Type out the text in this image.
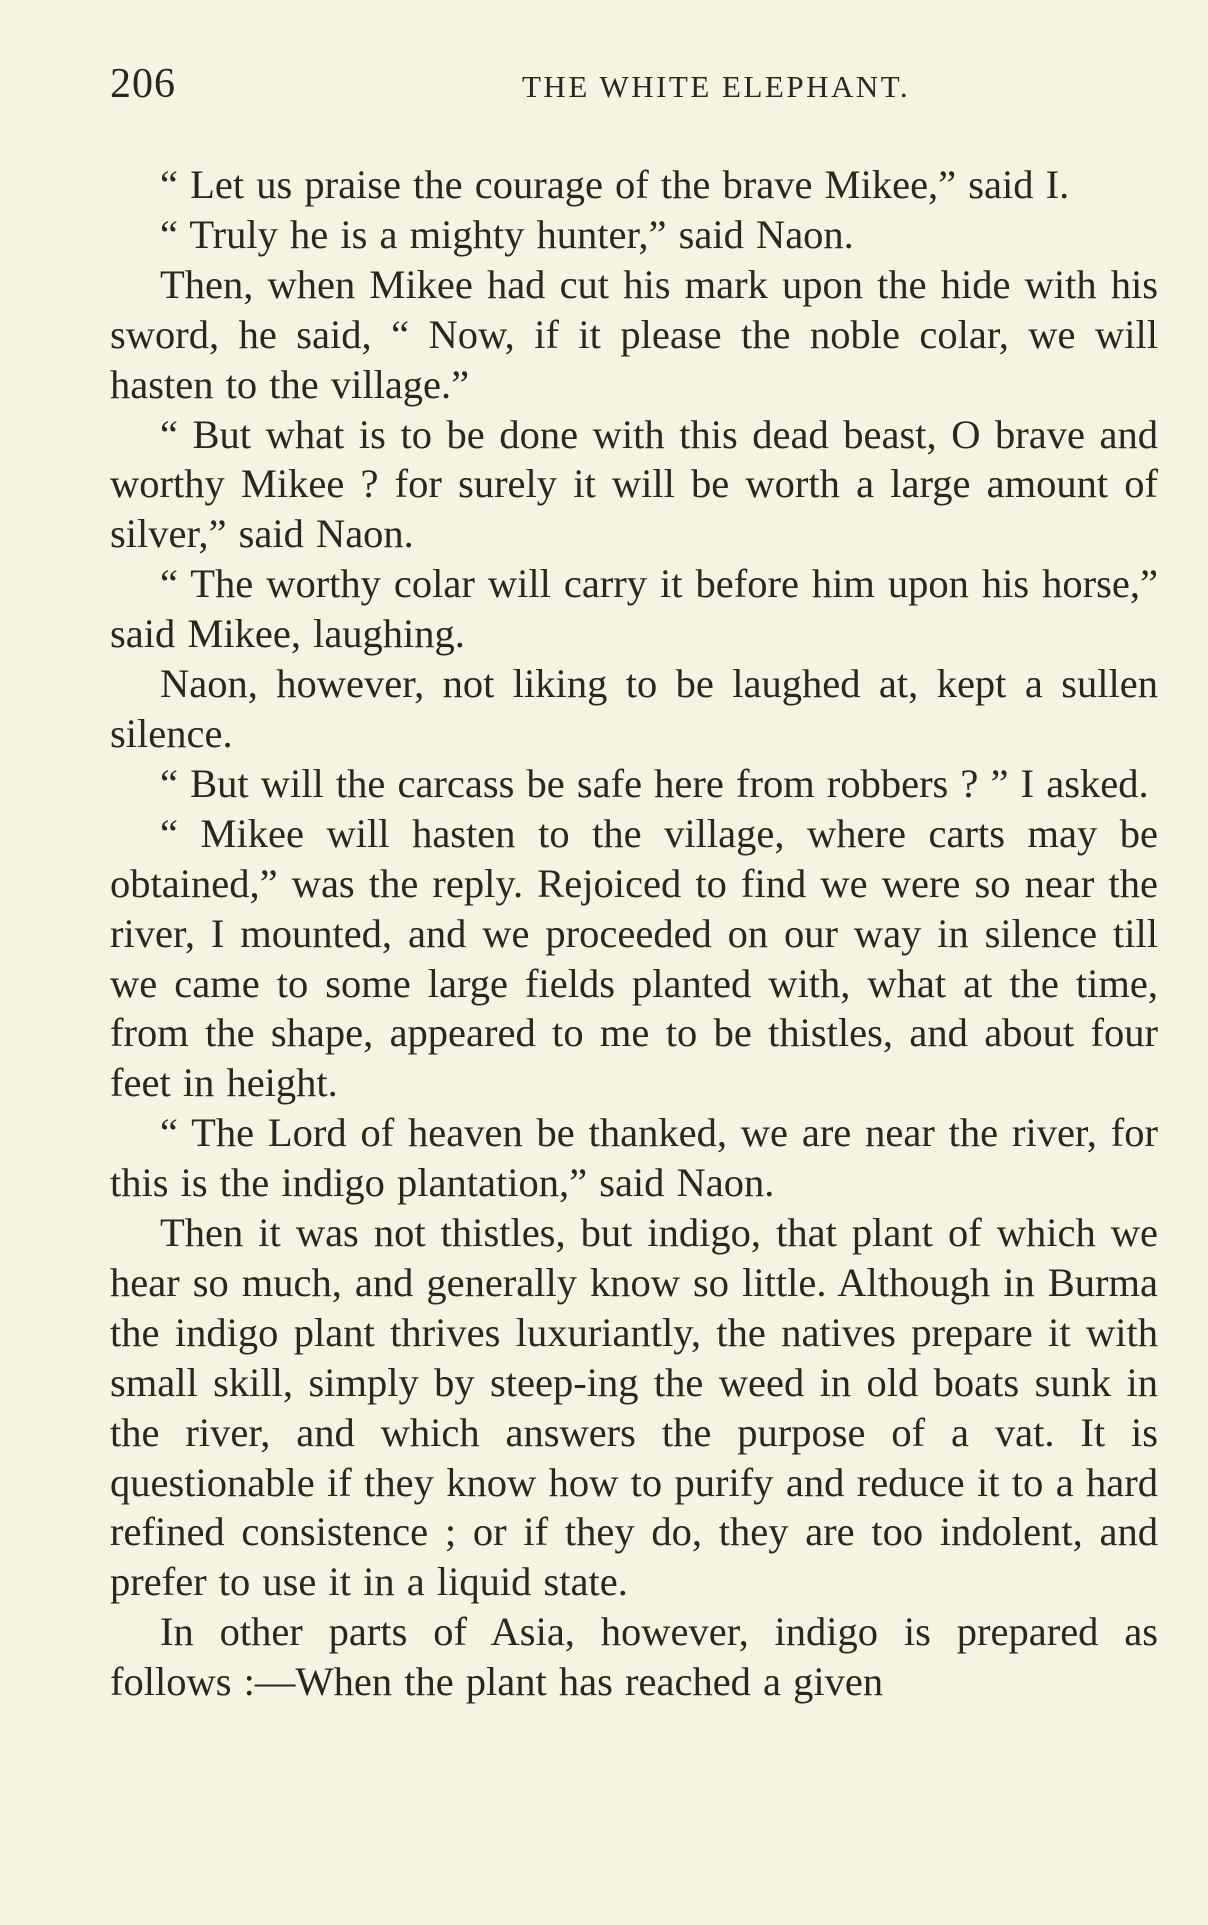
206	THE WHITE ELEPHANT.

“ Let us praise the courage of the brave Mikee,” said I.

“ Truly he is a mighty hunter,” said Naon.

Then, when Mikee had cut his mark upon the hide with his sword, he said, “ Now, if it please the noble colar, we will hasten to the village.”

“ But what is to be done with this dead beast, O brave and worthy Mikee ? for surely it will be worth a large amount of silver,” said Naon.

“ The worthy colar will carry it before him upon his horse,” said Mikee, laughing.

Naon, however, not liking to be laughed at, kept a sullen silence.

“ But will the carcass be safe here from robbers ? ” I asked.

“ Mikee will hasten to the village, where carts may be obtained,” was the reply. Rejoiced to find we were so near the river, I mounted, and we proceeded on our way in silence till we came to some large fields planted with, what at the time, from the shape, appeared to me to be thistles, and about four feet in height.

“ The Lord of heaven be thanked, we are near the river, for this is the indigo plantation,” said Naon.

Then it was not thistles, but indigo, that plant of which we hear so much, and generally know so little. Although in Burma the indigo plant thrives luxuriantly, the natives prepare it with small skill, simply by steep-ing the weed in old boats sunk in the river, and which answers the purpose of a vat. It is questionable if they know how to purify and reduce it to a hard refined consistence ; or if they do, they are too indolent, and prefer to use it in a liquid state.

In other parts of Asia, however, indigo is prepared as follows :—When the plant has reached a given
